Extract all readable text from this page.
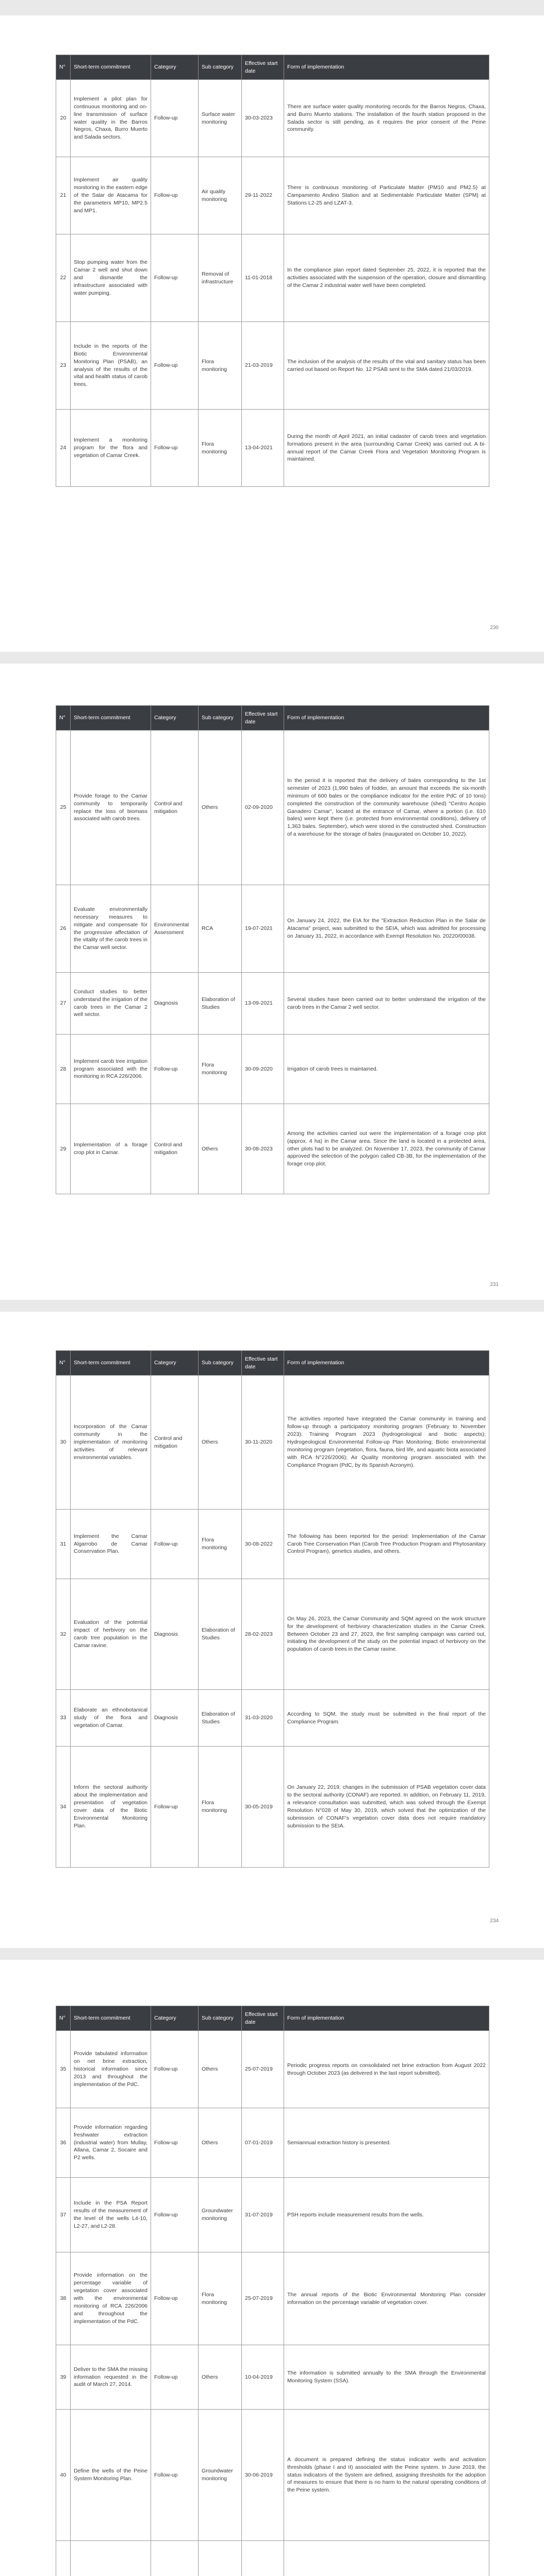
N°	Short-term commitment	Category	Sub category	Effective start date	Form of implementation
20	Implement a pilot plan for continuous monitoring and on-line transmission of surface water quality in the Barros Negros, Chaxa, Burro Muerto and Salada sectors.	Follow-up	Surface water monitoring	30-03-2023	There are surface water quality monitoring records for the Barros Negros, Chaxa, and Burro Muerto stations. The installation of the fourth station proposed in the Salada sector is still pending, as it requires the prior consent of the Peine community.
21	Implement air quality monitoring in the eastern edge of the Salar de Atacama for the parameters MP10, MP2.5 and MP1.	Follow-up	Air quality monitoring	29-11-2022	There is continuous monitoring of Particulate Matter (PM10 and PM2.5) at Campamento Andino Station and at Sedimentable Particulate Matter (SPM) at Stations L2-25 and LZAT-3.
22	Stop pumping water from the Camar 2 well and shut down and dismantle the infrastructure associated with water pumping.	Follow-up	Removal of infrastructure	11-01-2018	In the compliance plan report dated September 25, 2022, it is reported that the activities associated with the suspension of the operation, closure and dismantling of the Camar 2 industrial water well have been completed.
23	Include in the reports of the Biotic Environmental Monitoring Plan (PSAB), an analysis of the results of the vital and health status of carob trees.	Follow-up	Flora monitoring	21-03-2019	The inclusion of the analysis of the results of the vital and sanitary status has been carried out based on Report No. 12 PSAB sent to the SMA dated 21/03/2019.
24	Implement a monitoring program for the flora and vegetation of Camar Creek.	Follow-up	Flora monitoring	13-04-2021	During the month of April 2021, an initial cadaster of carob trees and vegetation formations present in the area (surrounding Camar Creek) was carried out. A bi-annual report of the Camar Creek Flora and Vegetation Monitoring Program is maintained.
230
N°	Short-term commitment	Category	Sub category	Effective start date	Form of implementation
25	Provide forage to the Camar community to temporarily replace the loss of biomass associated with carob trees.	Control and mitigation	Others	02-09-2020	In the period it is reported that the delivery of bales corresponding to the 1st semester of 2023 (1,990 bales of fodder, an amount that exceeds the six-month minimum of 600 bales or the compliance indicator for the entire PdC of 10 tons) completed the construction of the community warehouse (shed) "Centro Acopio Ganadero Camar", located at the entrance of Camar, where a portion (i.e. 610 bales) were kept there (i.e. protected from environmental conditions), delivery of 1,363 bales. September), which were stored in the constructed shed. Construction of a warehouse for the storage of bales (inaugurated on October 10, 2022).
26	Evaluate environmentally necessary measures to mitigate and compensate for the progressive affectation of the vitality of the carob trees in the Camar well sector.	Environmental Assessment	RCA	19-07-2021	On January 24, 2022, the EIA for the "Extraction Reduction Plan in the Salar de Atacama" project, was submitted to the SEIA, which was admitted for processing on January 31, 2022, in accordance with Exempt Resolution No. 20220/00038.
27	Conduct studies to better understand the irrigation of the carob trees in the Camar 2 well sector.	Diagnosis	Elaboration of Studies	13-09-2021	Several studies have been carried out to better understand the irrigation of the carob trees in the Camar 2 well sector.
28	Implement carob tree irrigation program associated with the monitoring in RCA 226/2006.	Follow-up	Flora monitoring	30-09-2020	Irrigation of carob trees is maintained.
29	Implementation of a forage crop plot in Camar.	Control and mitigation	Others	30-08-2023	Among the activities carried out were the implementation of a forage crop plot (approx. 4 ha) in the Camar area. Since the land is located in a protected area, other plots had to be analyzed. On November 17, 2023, the community of Camar approved the selection of the polygon called CB-3B, for the implementation of the forage crop plot.
231
N°	Short-term commitment	Category	Sub category	Effective start date	Form of implementation
30	Incorporation of the Camar community in the implementation of monitoring activities of relevant environmental variables.	Control and mitigation	Others	30-11-2020	The activities reported have integrated the Camar community in training and follow-up through a participatory monitoring program (February to November 2023): Training Program 2023 (hydrogeological and biotic aspects); Hydrogeological Environmental Follow-up Plan Monitoring; Biotic environmental monitoring program (vegetation, flora, fauna, bird life, and aquatic biota associated with RCA N°226/2006); Air Quality monitoring program associated with the Compliance Program (PdC, by its Spanish Acronym).
31	Implement the Camar Algarrobo de Camar Conservation Plan.	Follow-up	Flora monitoring	30-08-2022	The following has been reported for the period: Implementation of the Camar Carob Tree Conservation Plan (Carob Tree Production Program and Phytosanitary Control Program), genetics studies, and others.
32	Evaluation of the potential impact of herbivory on the carob tree population in the Camar ravine.	Diagnosis	Elaboration of Studies	28-02-2023	On May 26, 2023, the Camar Community and SQM agreed on the work structure for the development of herbivory characterization studies in the Camar Creek. Between October 23 and 27, 2023, the first sampling campaign was carried out, initiating the development of the study on the potential impact of herbivory on the population of carob trees in the Camar ravine.
33	Elaborate an ethnobotanical study of the flora and vegetation of Camar.	Diagnosis	Elaboration of Studies	31-03-2020	According to SQM, the study must be submitted in the final report of the Compliance Program.
34	Inform the sectoral authority about the implementation and presentation of vegetation cover data of the Biotic Environmental Monitoring Plan.	Follow-up	Flora monitoring	30-05-2019	On January 22, 2019, changes in the submission of PSAB vegetation cover data to the sectoral authority (CONAF) are reported. In addition, on February 11, 2019, a relevance consultation was submitted, which was solved through the Exempt Resolution N°028 of May 30, 2019, which solved that the optimization of the submission of CONAF's vegetation cover data does not require mandatory submission to the SEIA.
234
N°	Short-term commitment	Category	Sub category	Effective start date	Form of implementation
35	Provide tabulated information on net brine extraction, historical information since 2013 and throughout the implementation of the PdC.	Follow-up	Others	25-07-2019	Periodic progress reports on consolidated net brine extraction from August 2022 through October 2023 (as delivered in the last report submitted).
36	Provide information regarding freshwater extraction (industrial water) from Mullay, Allana, Camar 2, Socaire and P2 wells.	Follow-up	Others	07-01-2019	Semiannual extraction history is presented.
37	Include in the PSA Report results of the measurement of the level of the wells L4-10, L2-27, and L2-28.	Follow-up	Groundwater monitoring	31-07-2019	PSH reports include measurement results from the wells.
38	Provide information on the percentage variable of vegetation cover associated with the environmental monitoring of RCA 226/2006 and throughout the implementation of the PdC.	Follow-up	Flora monitoring	25-07-2019	The annual reports of the Biotic Environmental Monitoring Plan consider information on the percentage variable of vegetation cover.
39	Deliver to the SMA the missing information requested in the audit of March 27, 2014.	Follow-up	Others	10-04-2019	The information is submitted annually to the SMA through the Environmental Monitoring System (SSA).
40	Define the wells of the Peine System Monitoring Plan.	Follow-up	Groundwater monitoring	30-06-2019	A document is prepared defining the status indicator wells and activation thresholds (phase I and II) associated with the Peine system. In June 2019, the status indicators of the System are defined, assigning thresholds for the adoption of measures to ensure that there is no harm to the natural operating conditions of the Peine system.
